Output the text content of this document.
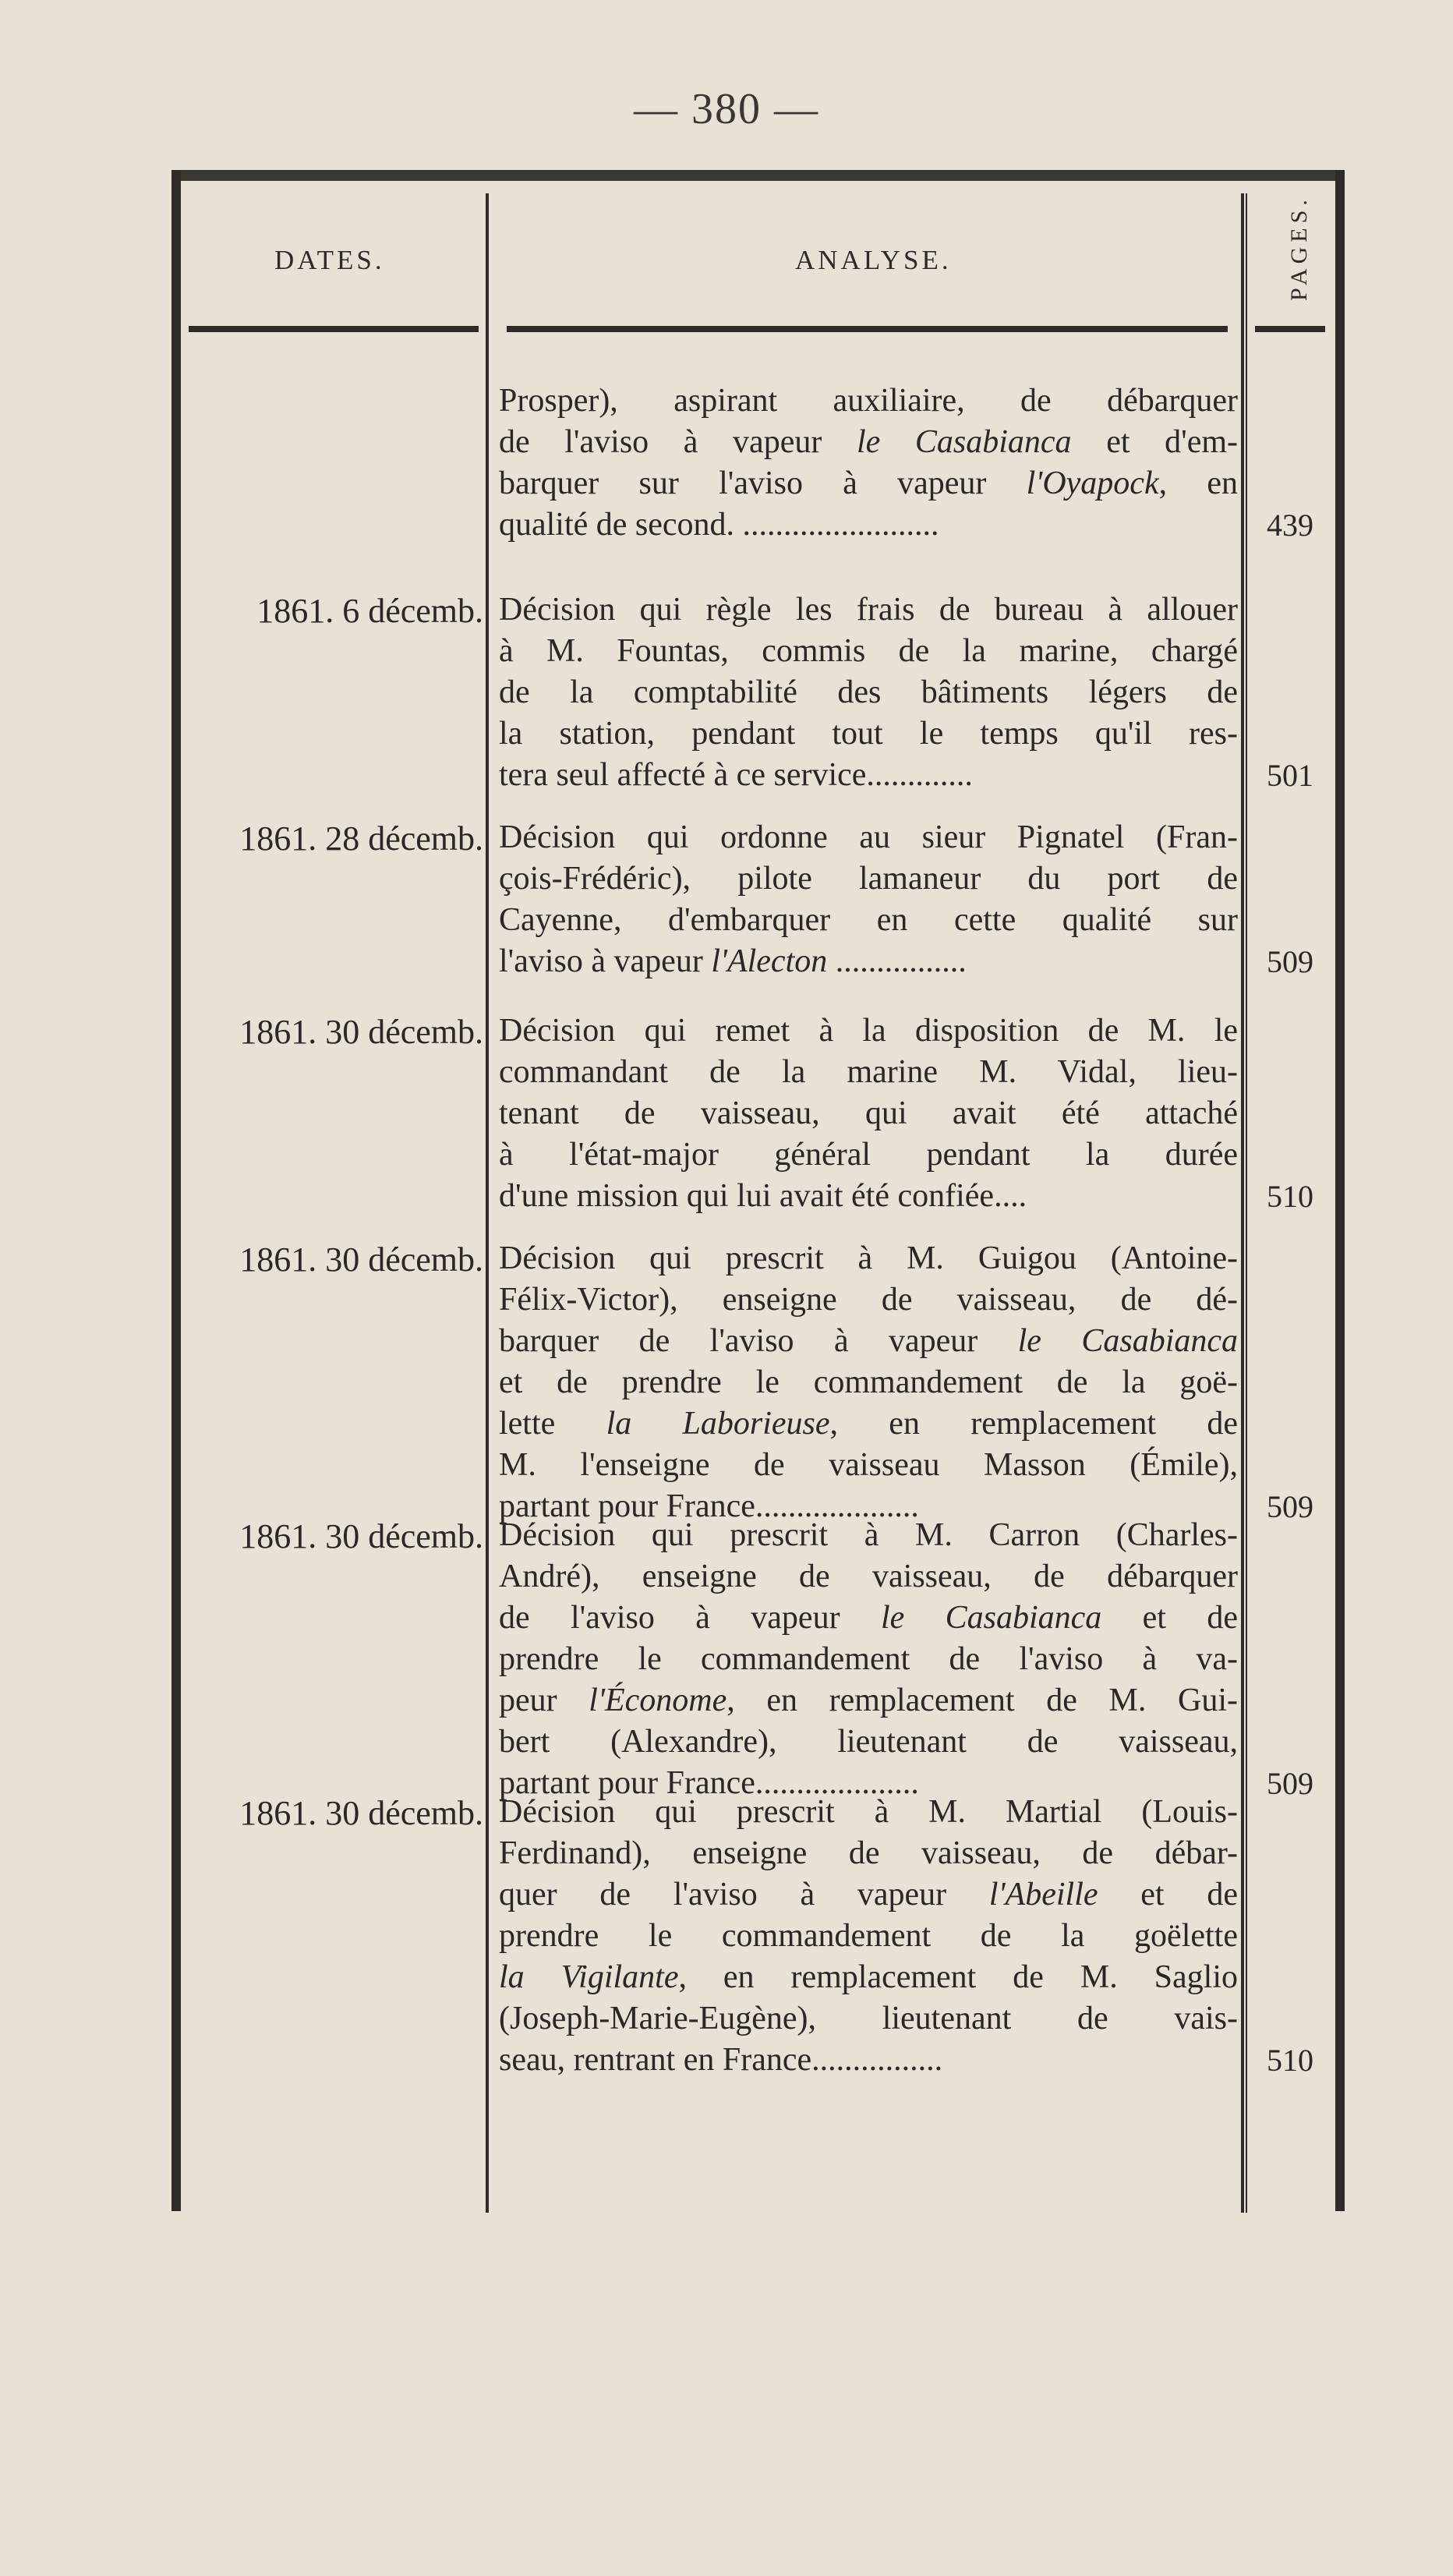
— 380 —
DATES.	ANALYSE.	PAGES.
Prosper), aspirant auxiliaire, de débarquer
de l'aviso à vapeur le Casabianca et d'em-
barquer sur l'aviso à vapeur l'Oyapock, en
qualité de second. ........................	439
1861. 6 décemb. Décision qui règle les frais de bureau à allouer
à M. Fountas, commis de la marine, chargé
de la comptabilité des bâtiments légers de
la station, pendant tout le temps qu'il res-
tera seul affecté à ce service.............	501
1861. 28 décemb. Décision qui ordonne au sieur Pignatel (Fran-
çois-Frédéric), pilote lamaneur du port de
Cayenne, d'embarquer en cette qualité sur
l'aviso à vapeur l'Alecton ................	509
1861. 30 décemb. Décision qui remet à la disposition de M. le
commandant de la marine M. Vidal, lieu-
tenant de vaisseau, qui avait été attaché
à l'état-major général pendant la durée
d'une mission qui lui avait été confiée....	510
1861. 30 décemb. Décision qui prescrit à M. Guigou (Antoine-
Félix-Victor), enseigne de vaisseau, de dé-
barquer de l'aviso à vapeur le Casabianca
et de prendre le commandement de la goë-
lette la Laborieuse, en remplacement de
M. l'enseigne de vaisseau Masson (Émile),
partant pour France....................	509
1861. 30 décemb. Décision qui prescrit à M. Carron (Charles-
André), enseigne de vaisseau, de débarquer
de l'aviso à vapeur le Casabianca et de
prendre le commandement de l'aviso à va-
peur l'Économe, en remplacement de M. Gui-
bert (Alexandre), lieutenant de vaisseau,
partant pour France....................	509
1861. 30 décemb. Décision qui prescrit à M. Martial (Louis-
Ferdinand), enseigne de vaisseau, de débar-
quer de l'aviso à vapeur l'Abeille et de
prendre le commandement de la goëlette
la Vigilante, en remplacement de M. Saglio
(Joseph-Marie-Eugène), lieutenant de vais-
seau, rentrant en France................	510
